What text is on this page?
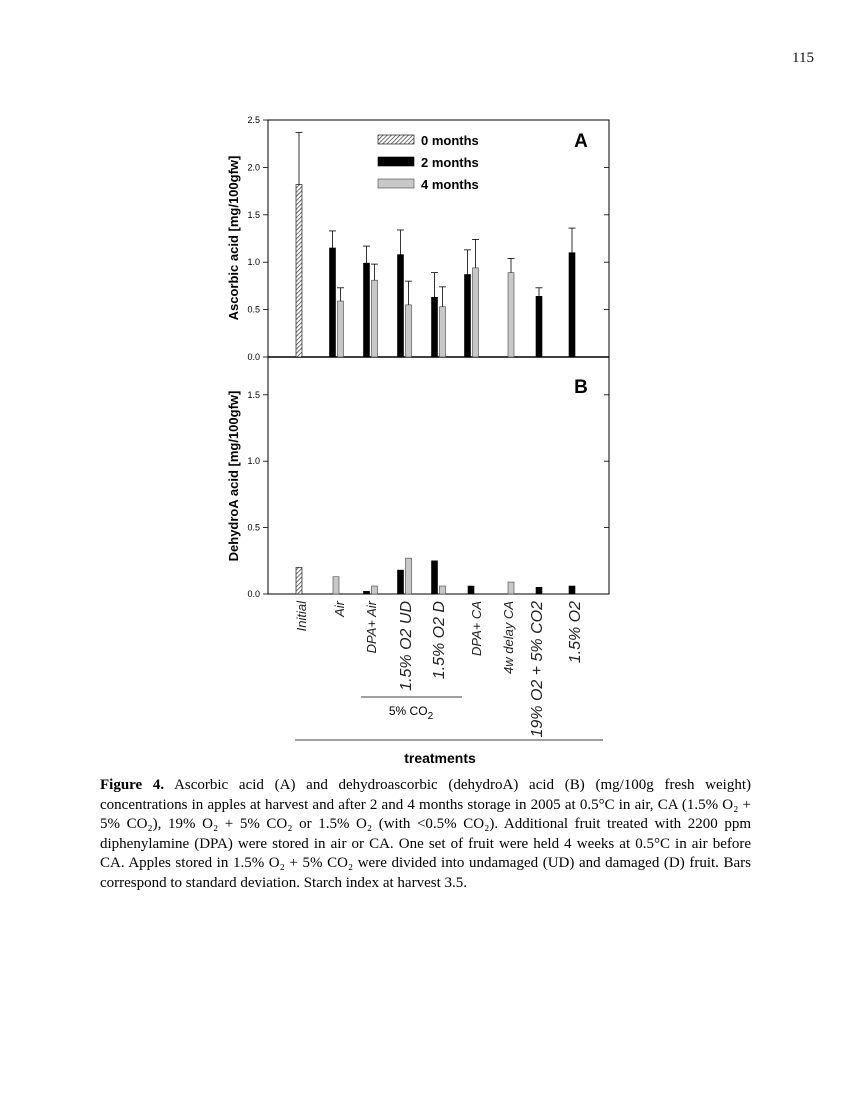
115
Ascorbic acid [mg/100gfw]
DehydroA acid [mg/100gfw]
A
B
0 months
2 months
4 months
0.0
0.5
1.0
1.5
2.0
2.5
0.0
0.5
1.0
1.5
Initial Air DPA+ Air 1.5% O2 UD 1.5% O2 D DPA+ CA 4w delay CA 19% O2 + 5% CO2 1.5% O2
5% $CO_2$
treatments

Figure 4. Ascorbic acid (A) and dehydroascorbic (dehydroA) acid (B) (mg/100g fresh weight) concentrations in apples at harvest and after 2 and 4 months storage in 2005 at 0.5°C in air, CA (1.5% O₂ + 5% CO₂), 19% O₂ + 5% CO₂ or 1.5% O₂ (with <0.5% CO₂). Additional fruit treated with 2200 ppm diphenylamine (DPA) were stored in air or CA. One set of fruit were held 4 weeks at 0.5°C in air before CA. Apples stored in 1.5% O₂ + 5% CO₂ were divided into undamaged (UD) and damaged (D) fruit. Bars correspond to standard deviation. Starch index at harvest 3.5.
